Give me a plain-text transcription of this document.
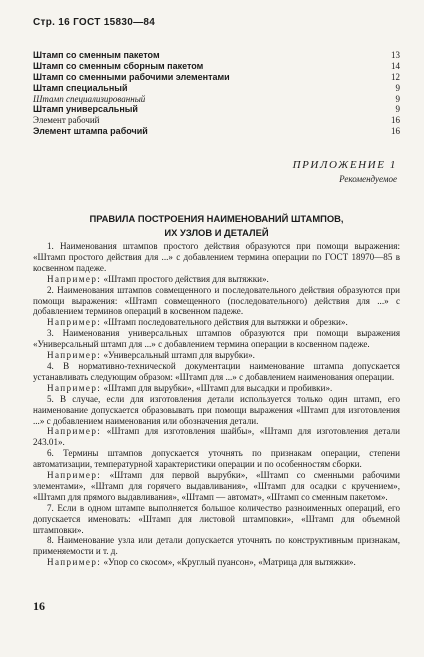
Стр. 16 ГОСТ 15830—84
Штамп со сменным пакетом	13
Штамп со сменным сборным пакетом	14
Штамп со сменными рабочими элементами	12
Штамп специальный	9
Штамп специализированный	9
Штамп универсальный	9
Элемент рабочий	16
Элемент штампа рабочий	16
ПРИЛОЖЕНИЕ 1
Рекомендуемое
ПРАВИЛА ПОСТРОЕНИЯ НАИМЕНОВАНИЙ ШТАМПОВ,
ИХ УЗЛОВ И ДЕТАЛЕЙ

1. Наименования штампов простого действия образуются при помощи выражения: «Штамп простого действия для ...» с добавлением термина операции по ГОСТ 18970—85 в косвенном падеже.

Например: «Штамп простого действия для вытяжки».

2. Наименования штампов совмещенного и последовательного действия образуются при помощи выражения: «Штамп совмещенного (последовательного) действия для ...» с добавлением терминов операций в косвенном падеже.

Например: «Штамп последовательного действия для вытяжки и обрезки».

3. Наименования универсальных штампов образуются при помощи выражения «Универсальный штамп для ...» с добавлением термина операции в косвенном падеже.

Например: «Универсальный штамп для вырубки».

4. В нормативно-технической документации наименование штампа допускается устанавливать следующим образом: «Штамп для ...» с добавлением наименования операции.

Например: «Штамп для вырубки», «Штамп для высадки и пробивки».

5. В случае, если для изготовления детали используется только один штамп, его наименование допускается образовывать при помощи выражения «Штамп для изготовления ...» с добавлением наименования или обозначения детали.

Например: «Штамп для изготовления шайбы», «Штамп для изготовления детали 243.01».

6. Термины штампов допускается уточнять по признакам операции, степени автоматизации, температурной характеристики операции и по особенностям сборки.

Например: «Штамп для первой вырубки», «Штамп со сменными рабочими элементами», «Штамп для горячего выдавливания», «Штамп для осадки с кручением», «Штамп для прямого выдавливания», «Штамп — автомат», «Штамп со сменным пакетом».

7. Если в одном штампе выполняется большое количество разноименных операций, его допускается именовать: «Штамп для листовой штамповки», «Штамп для объемной штамповки».

8. Наименование узла или детали допускается уточнять по конструктивным признакам, применяемости и т. д.

Например: «Упор со скосом», «Круглый пуансон», «Матрица для вытяжки».

16
